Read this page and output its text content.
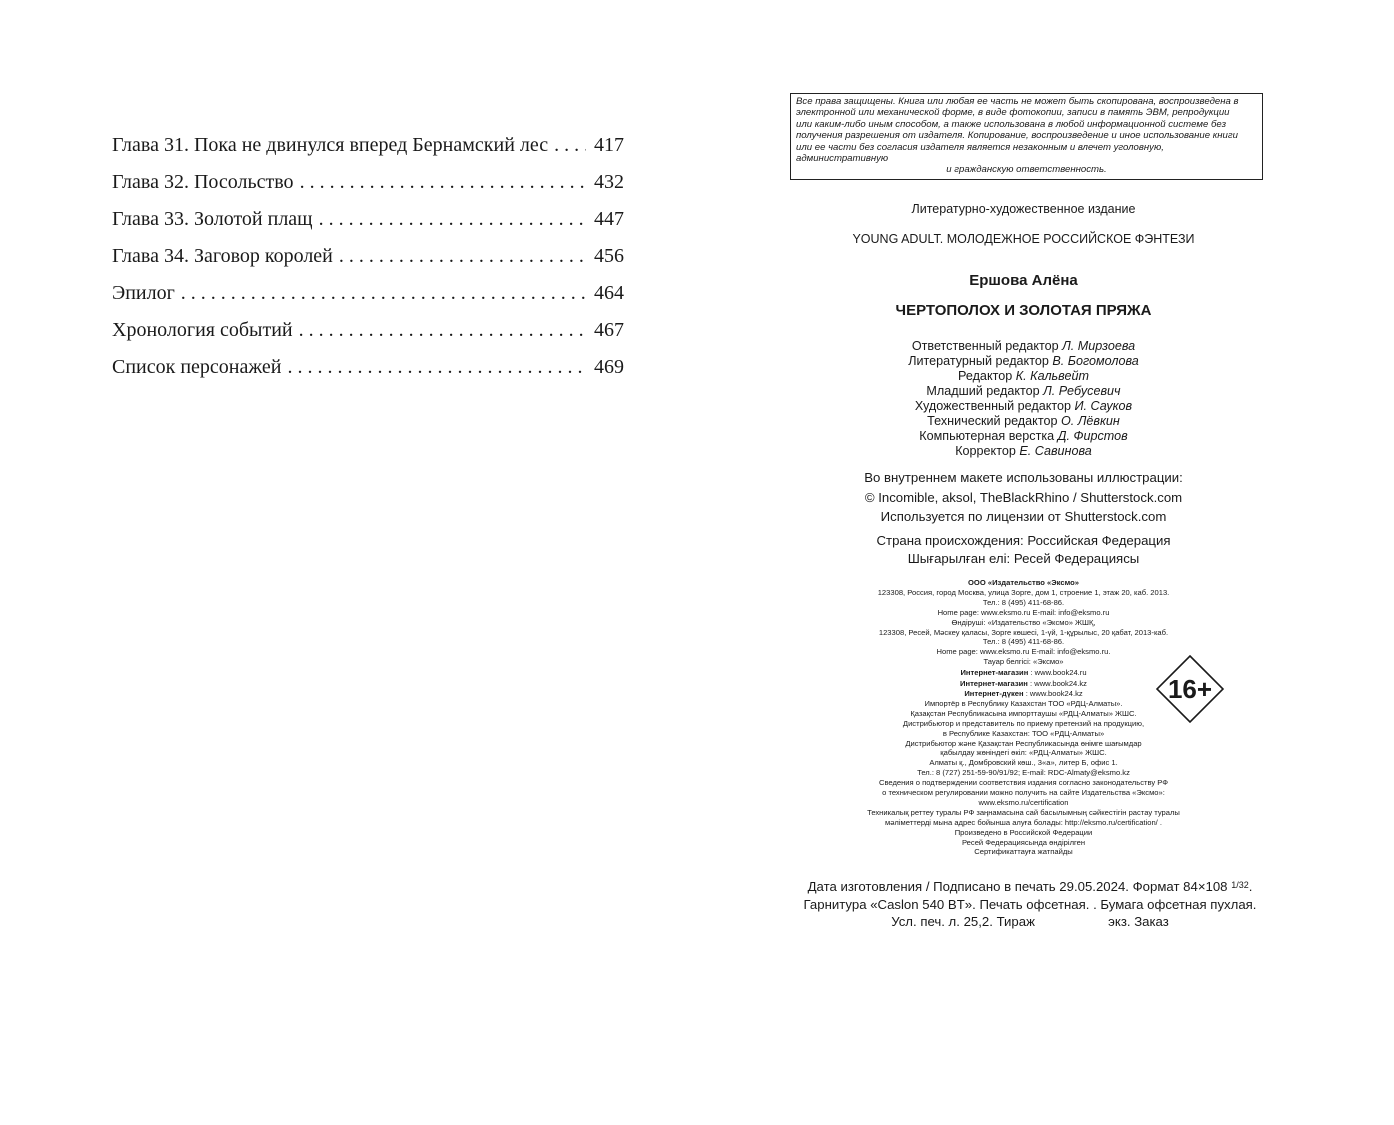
Глава 31. Пока не двинулся вперед Бернамский лес . . .	417
Глава 32. Посольство . . .	432
Глава 33. Золотой плащ . . .	447
Глава 34. Заговор королей . . .	456
Эпилог . . .	464
Хронология событий . . .	467
Список персонажей . . .	469
Все права защищены. Книга или любая ее часть не может быть скопирована, воспроизведена в
электронной или механической форме, в виде фотокопии, записи в память ЭВМ, репродукции
или каким-либо иным способом, а также использована в любой информационной системе без
получения разрешения от издателя. Копирование, воспроизведение и иное использование книги
или ее части без согласия издателя является незаконным и влечет уголовную, административную
и гражданскую ответственность.
Литературно-художественное издание
YOUNG ADULT. МОЛОДЕЖНОЕ РОССИЙСКОЕ ФЭНТЕЗИ
Ершова Алёна
ЧЕРТОПОЛОХ И ЗОЛОТАЯ ПРЯЖА
Ответственный редактор Л. Мирзоева
Литературный редактор В. Богомолова
Редактор К. Кальвейт
Младший редактор Л. Ребусевич
Художественный редактор И. Сауков
Технический редактор О. Лёвкин
Компьютерная верстка Д. Фирстов
Корректор Е. Савинова
Во внутреннем макете использованы иллюстрации:
© Incomible, aksol, TheBlackRhino / Shutterstock.com
Используется по лицензии от Shutterstock.com
Страна происхождения: Российская Федерация
Шығарылған елі: Ресей Федерациясы
ООО «Издательство «Эксмо»
123308, Россия, город Москва, улица Зорге, дом 1, строение 1, этаж 20, каб. 2013.
Тел.: 8 (495) 411-68-86.
Home page: www.eksmo.ru E-mail: info@eksmo.ru
Өндіруші: «Издательство «Эксмо» ЖШҚ,
123308, Ресей, Мәскеу қаласы, Зорге көшесі, 1-үй, 1-құрылыс, 20 қабат, 2013-каб.
Тел.: 8 (495) 411-68-86.
Home page: www.eksmo.ru E-mail: info@eksmo.ru.
Тауар белгісі: «Эксмо»
Интернет-магазин : www.book24.ru
Интернет-магазин : www.book24.kz
Интернет-дүкен : www.book24.kz
Импортёр в Республику Казахстан ТОО «РДЦ-Алматы».
Қазақстан Республикасына импорттаушы «РДЦ-Алматы» ЖШС.
Дистрибьютор и представитель по приему претензий на продукцию,
в Республике Казахстан: ТОО «РДЦ-Алматы»
Дистрибьютор және Қазақстан Республикасында өнімге шағымдар
қабылдау жөніндегі өкіл: «РДЦ-Алматы» ЖШС.
Алматы қ., Домбровский көш., 3«а», литер Б, офис 1.
Тел.: 8 (727) 251-59-90/91/92; E-mail: RDC-Almaty@eksmo.kz
Сведения о подтверждении соответствия издания согласно законодательству РФ
о техническом регулировании можно получить на сайте Издательства «Эксмо»:
www.eksmo.ru/certification
Техникалық реттеу туралы РФ заңнамасына сай басылымның сәйкестігін растау туралы
мәліметтерді мына адрес бойынша алуға болады: http://eksmo.ru/certification/ .
Произведено в Российской Федерации
Ресей Федерациясында өндірілген
Сертификаттауға жатпайды
Дата изготовления / Подписано в печать 29.05.2024. Формат 84×108 $^{1/32}$.
Гарнитура «Caslon 540 BT». Печать офсетная. . Бумага офсетная пухлая.
Усл. печ. л. 25,2. Тираж                    экз. Заказ
16+
